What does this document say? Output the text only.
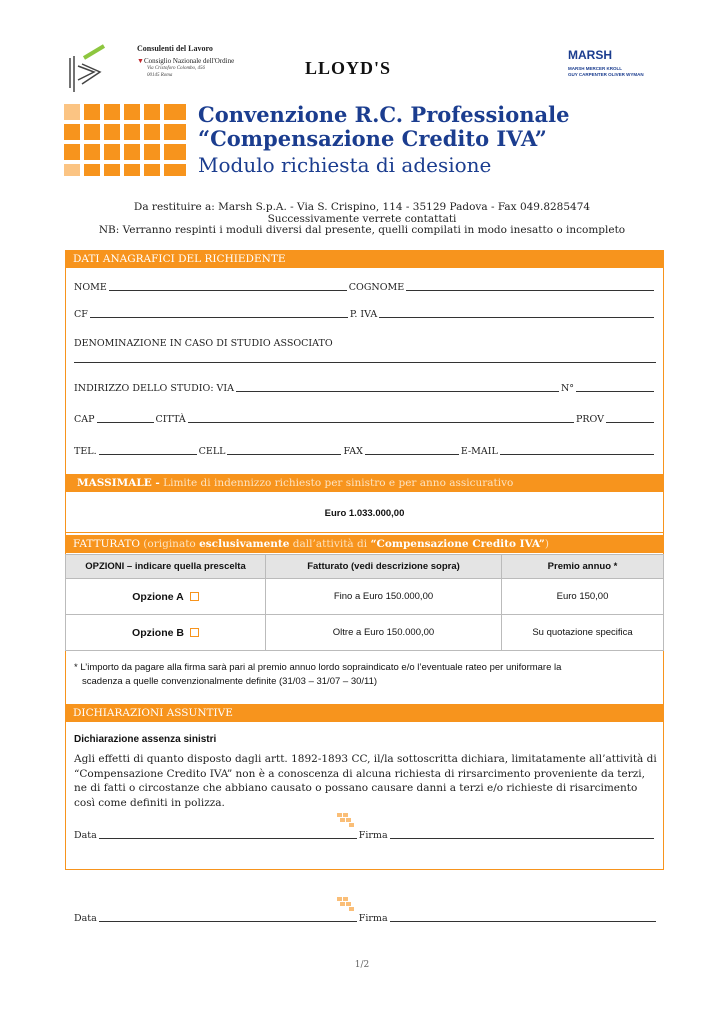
Consulenti del Lavoro
▼Consiglio Nazionale dell'Ordine
Via Cristoforo Colombo, 456
00145 Roma	LLOYD'S
MARSH
MARSH MERCER KROLL
GUY CARPENTER OLIVER WYMAN
Convenzione R.C. Professionale
“Compensazione Credito IVA”
Modulo richiesta di adesione
Da restituire a: Marsh S.p.A. - Via S. Crispino, 114 - 35129 Padova - Fax 049.8285474
Successivamente verrete contattati
NB: Verranno respinti i moduli diversi dal presente, quelli compilati in modo inesatto o incompleto
DATI ANAGRAFICI DEL RICHIEDENTE
NOME	COGNOME
CF	P. IVA
DENOMINAZIONE IN CASO DI STUDIO ASSOCIATO
INDIRIZZO DELLO STUDIO: VIA	N°
CAP	CITTÀ	PROV
TEL.	CELL	FAX	E-MAIL
MASSIMALE - Limite di indennizzo richiesto per sinistro e per anno assicurativo
Euro 1.033.000,00
FATTURATO (originato esclusivamente dall’attività di “Compensazione Credito IVA”)
OPZIONI – indicare quella prescelta	Fatturato (vedi descrizione sopra)	Premio annuo *
Opzione A	Fino a Euro 150.000,00	Euro 150,00
Opzione B	Oltre a Euro 150.000,00	Su quotazione specifica
* L’importo da pagare alla firma sarà pari al premio annuo lordo sopraindicato e/o l’eventuale rateo per uniformare la
scadenza a quelle convenzionalmente definite (31/03 – 31/07 – 30/11)
DICHIARAZIONI ASSUNTIVE
Dichiarazione assenza sinistri
Agli effetti di quanto disposto dagli artt. 1892-1893 CC, il/la sottoscritta dichiara, limitatamente all’attività di “Compensazione Credito IVA” non è a conoscenza di alcuna richiesta di rirsarcimento proveniente da terzi, ne di fatti o circostanze che abbiano causato o possano causare danni a terzi e/o richieste di risarcimento così come definiti in polizza.
Data	Firma
Data	Firma
1/2
